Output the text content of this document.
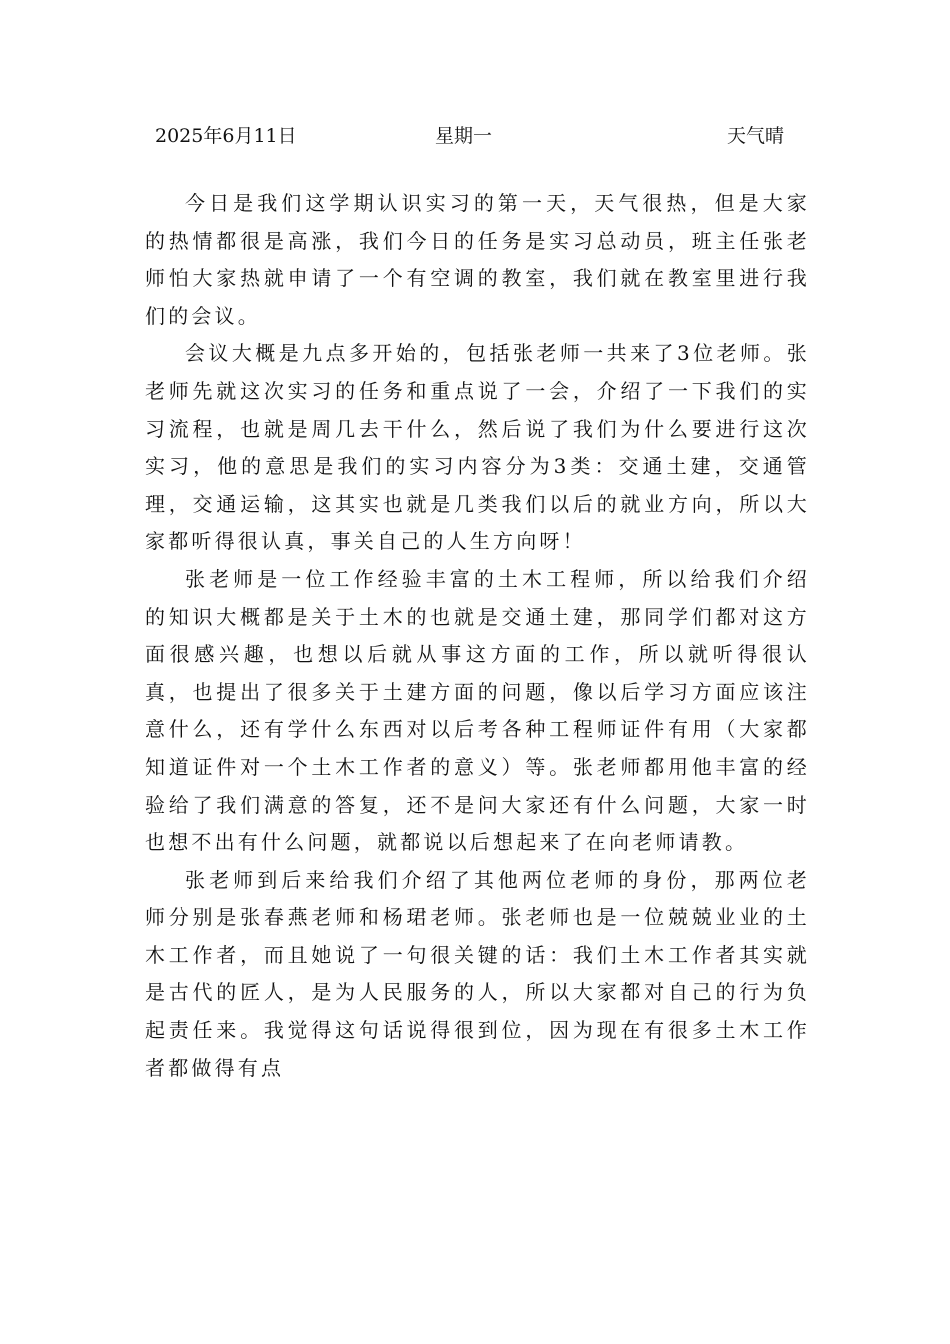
2025年6月11日	星期一	天气晴

今日是我们这学期认识实习的第一天，天气很热，但是大家的热情都很是高涨，我们今日的任务是实习总动员，班主任张老师怕大家热就申请了一个有空调的教室，我们就在教室里进行我们的会议。

会议大概是九点多开始的，包括张老师一共来了3位老师。张老师先就这次实习的任务和重点说了一会，介绍了一下我们的实习流程，也就是周几去干什么，然后说了我们为什么要进行这次实习，他的意思是我们的实习内容分为3类：交通土建，交通管理，交通运输，这其实也就是几类我们以后的就业方向，所以大家都听得很认真，事关自己的人生方向呀！

张老师是一位工作经验丰富的土木工程师，所以给我们介绍的知识大概都是关于土木的也就是交通土建，那同学们都对这方面很感兴趣，也想以后就从事这方面的工作，所以就听得很认真，也提出了很多关于土建方面的问题，像以后学习方面应该注意什么，还有学什么东西对以后考各种工程师证件有用（大家都知道证件对一个土木工作者的意义）等。张老师都用他丰富的经验给了我们满意的答复，还不是问大家还有什么问题，大家一时也想不出有什么问题，就都说以后想起来了在向老师请教。

张老师到后来给我们介绍了其他两位老师的身份，那两位老师分别是张春燕老师和杨珺老师。张老师也是一位兢兢业业的土木工作者，而且她说了一句很关键的话：我们土木工作者其实就是古代的匠人，是为人民服务的人，所以大家都对自己的行为负起责任来。我觉得这句话说得很到位，因为现在有很多土木工作者都做得有点
